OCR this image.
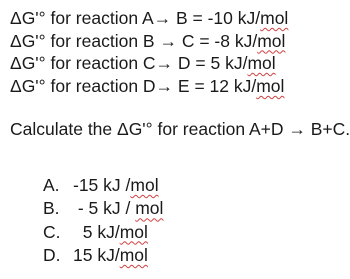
ΔG'° for reaction A→ B = -10 kJ/mol
ΔG'° for reaction B → C = -8 kJ/mol
ΔG'° for reaction C→ D = 5 kJ/mol
ΔG'° for reaction D→ E = 12 kJ/mol
Calculate the ΔG'° for reaction A+D → B+C.
A. -15 kJ /mol
B. - 5 kJ / mol
C. 5 kJ/mol
D. 15 kJ/mol
